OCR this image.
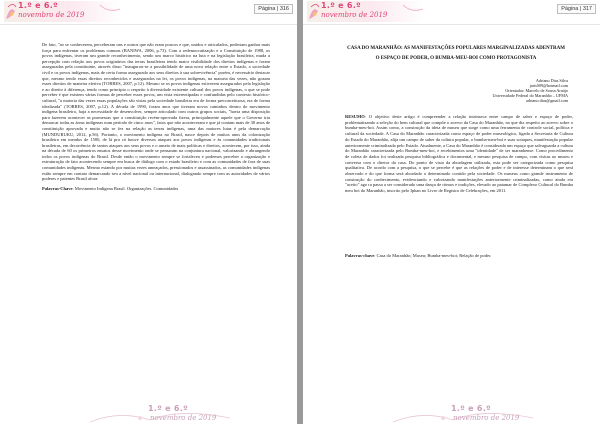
1.º e 6.º
novembro de 2019
Página | 316

De fato, "ao se conhecerem, perceberam uns e outros que não eram poucos e que, unidos e articulados, poderiam ganhar mais força para enfrentar os problemas comuns (BANIWA, 2006, p.73). Com a redemocratização e a Constituição de 1988, os povos indígenas, tiveram um grande reconhecimento, sendo um marco histórico na luta e na legislação brasileira, muda a percepção com relação aos povos originários das terras brasileiras tendo maior visibilidade dos direitos indígenas e foram asseguradas pela constituinte, através disso "inaugurou-se a possibilidade de uma nova relação entre o Estado, a sociedade civil e os povos indígenas, mais de certa forma assegurado aos seus direitos à sua sobrevivência" porém, é necessário destacar que, mesmo tendo essas direitos reconhecidos e assegurados na lei, os povos indígenas, na maioria das vezes, não gozam esses direitos de maneira efetiva (TORRES, 2007, p.12). Mesmo se os povos indígenas estiverem assegurados pela legislação e ao direito à diferença, tendo como princípio o respeito à diversidade existente cultural dos povos indígenas, o que se pode perceber é que existem várias formas de perceber esses povos, um vista estereotipadas e confundidas pelo contexto histórico-cultural, "a maioria das vezes essas populações são vistas pela sociedade brasileira era de forma preconceituosa, era de forma idealizada" (TORRES, 2007, p.12). A década de 1990, foram anos que tiveram novos caminhos dentro do movimento indígena brasileiro, haja a necessidade de desenvolver, sempre articulado com outros grupos sociais, "havia uma disposição para fazerem acontecer as promessas que a constituição recém-aprovada fizera, principalmente aquele que o Governo iria demarcar todas as áreas indígenas num período de cinco anos", fatos que não aconteceram e que já contam mais de 30 anos de constituição aprovada e muito não se fez na relação as terras indígenas, uma das maiores lutas é pela demarcação (MUNDURUKU, 2012, p.56). Portanto, o movimento indígena no Brasil, nasce depois de muitos anos da colonização brasileira em meados de 1500, de lá pra cá houve diversos ataques aos povos indígenas e às comunidades tradicionais brasileiras, em decorrência de tantos ataques aos seus povos e o anseio de mais políticas e direitos, acontecem, por isso, ainda na década de 60 os primeiros ensaios desse movimento onde se pensaram na conjuntura nacional, valorizando e abrangendo todos os povos indígenas do Brasil. Desde então o movimento sempre se fortaleceu e podemos perceber a organização e estruturação de fato acontecendo sempre em busca de diálogo com o estado brasileiro e com as comunidades de fora de suas comunidades indígenas. Mesmo estando por muitas vezes ameaçados, pressionados e assassinados, as comunidades indígenas estão sempre em contato demarcando seu a nível nacional ou internacional, dialogando sempre com as autoridades de vários poderes e patentes Brasil afora.

Palavras-Chave: Movimento Indígena Brasil. Organizações. Comunidades
1.º e 6.º
novembro de 2019
1.º e 6.º
novembro de 2019
Página | 317
CASA DO MARANHÃO: AS MANIFESTAÇÕES POPULARES MARGINALIZADAS ADENTRAM O ESPAÇO DE PODER, O BUMBA-MEU-BOI COMO PROTAGONISTA
Adriano Dias Silva
jaris009@hotmail.com
Orientador: Marcelo de Sousa Araújo
Universidade Federal do Maranhão – UFMA
adriano.dias@gmail.com
RESUMO: O objetivo deste artigo é compreender a relação intrínseca entre campo de saber e espaço de poder, problematizando a seleção do bem cultural que compõe o acervo da Casa do Maranhão, no que diz respeito ao acervo sobre o bumba-meu-boi. Assim como, a construção da ideia de museu que surge como uma ferramenta de controle social, política e cultural da sociedade. A Casa do Maranhão caracterizada como espaço de poder museológico, ligada a Secretaria de Cultura do Estado do Maranhão, alija um campo de saber da cultura popular, o bumba-meu-boi e suas sotaques, manifestação popular anteriormente criminalizada pelo Estado. Atualmente, a Casa do Maranhão é considerada um espaço que salvaguarda a cultura do Maranhão caracterizada pelo Bumba-meu-boi, e recebimentos uma "identidade" de ser maranhense. Como procedimento de coleta de dados foi realizada pesquisa bibliográfica e documental, e mesmo pesquisa de campo, com visitas ao museu e conversa com o diretor da casa. Do ponto de vista da abordagem utilizada, esta pode ser categorizada como pesquisa qualitativa. De acordo com a pesquisa, o que se percebe é que as relações de poder e de interesse determinam o que será observado e do que forma será abordado o determinado contido pela sociedade. Os museus como grande instrumento de construção do conhecimento, evidenciando e valorizando manifestações anteriormente criminalizadas, como ainda era "aceito" ago ra passa a ser considerado uma dança de ritmos e tradições, elevado ao patamar de Complexo Cultural do Bumba meu boi do Maranhão, inscrito pelo Iphan no Livro de Registro de Celebrações, em 2011.
Palavras-chave: Casa do Maranhão; Museu; Bumba-meu-boi; Relação de poder.
1.º e 6.º
novembro de 2019
